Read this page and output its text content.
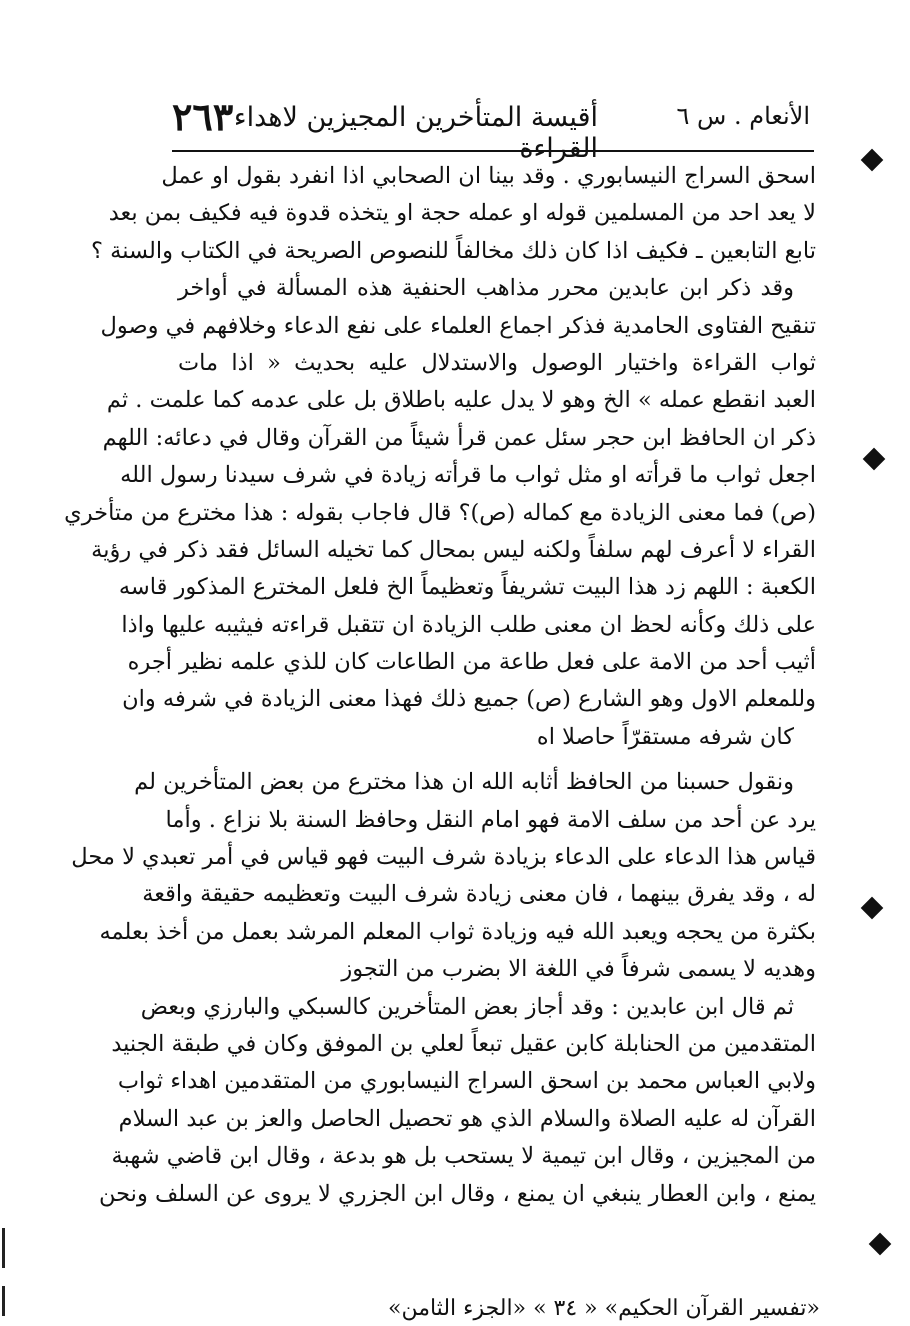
الأنعام . س ٦
أقيسة المتأخرين المجيزين لاهداء القراءة
٢٦٣
اسحق السراج النيسابوري . وقد بينا ان الصحابي اذا انفرد بقول او عمل
لا يعد احد من المسلمين قوله او عمله حجة او يتخذه قدوة فيه فكيف بمن بعد
تابع التابعين ـ فكيف اذا كان ذلك مخالفاً للنصوص الصريحة في الكتاب والسنة ؟
وقد ذكر ابن عابدين محرر مذاهب الحنفية هذه المسألة في أواخر
تنقيح الفتاوى الحامدية فذكر اجماع العلماء على نفع الدعاء وخلافهم في وصول
ثواب القراءة واختيار الوصول والاستدلال عليه بحديث « اذا مات
العبد انقطع عمله » الخ وهو لا يدل عليه باطلاق بل على عدمه كما علمت . ثم
ذكر ان الحافظ ابن حجر سئل عمن قرأ شيئاً من القرآن وقال في دعائه: اللهم
اجعل ثواب ما قرأته او مثل ثواب ما قرأته زيادة في شرف سيدنا رسول الله
(ص) فما معنى الزيادة مع كماله (ص)؟ قال فاجاب بقوله : هذا مخترع من متأخري
القراء لا أعرف لهم سلفاً ولكنه ليس بمحال كما تخيله السائل فقد ذكر في رؤية
الكعبة : اللهم زد هذا البيت تشريفاً وتعظيماً الخ فلعل المخترع المذكور قاسه
على ذلك وكأنه لحظ ان معنى طلب الزيادة ان تتقبل قراءته فيثيبه عليها واذا
أثيب أحد من الامة على فعل طاعة من الطاعات كان للذي علمه نظير أجره
وللمعلم الاول وهو الشارع (ص) جميع ذلك فهذا معنى الزيادة في شرفه وان
كان شرفه مستقرّاً حاصلا اه
ونقول حسبنا من الحافظ أثابه الله ان هذا مخترع من بعض المتأخرين لم
يرد عن أحد من سلف الامة فهو امام النقل وحافظ السنة بلا نزاع . وأما
قياس هذا الدعاء على الدعاء بزيادة شرف البيت فهو قياس في أمر تعبدي لا محل
له ، وقد يفرق بينهما ، فان معنى زيادة شرف البيت وتعظيمه حقيقة واقعة
بكثرة من يحجه ويعبد الله فيه وزيادة ثواب المعلم المرشد بعمل من أخذ بعلمه
وهديه لا يسمى شرفاً في اللغة الا بضرب من التجوز
ثم قال ابن عابدين : وقد أجاز بعض المتأخرين كالسبكي والبارزي وبعض
المتقدمين من الحنابلة كابن عقيل تبعاً لعلي بن الموفق وكان في طبقة الجنيد
ولابي العباس محمد بن اسحق السراج النيسابوري من المتقدمين اهداء ثواب
القرآن له عليه الصلاة والسلام الذي هو تحصيل الحاصل والعز بن عبد السلام
من المجيزين ، وقال ابن تيمية لا يستحب بل هو بدعة ، وقال ابن قاضي شهبة
يمنع ، وابن العطار ينبغي ان يمنع ، وقال ابن الجزري لا يروى عن السلف ونحن
«تفسير القرآن الحكيم» « ٣٤ » «الجزء الثامن»
